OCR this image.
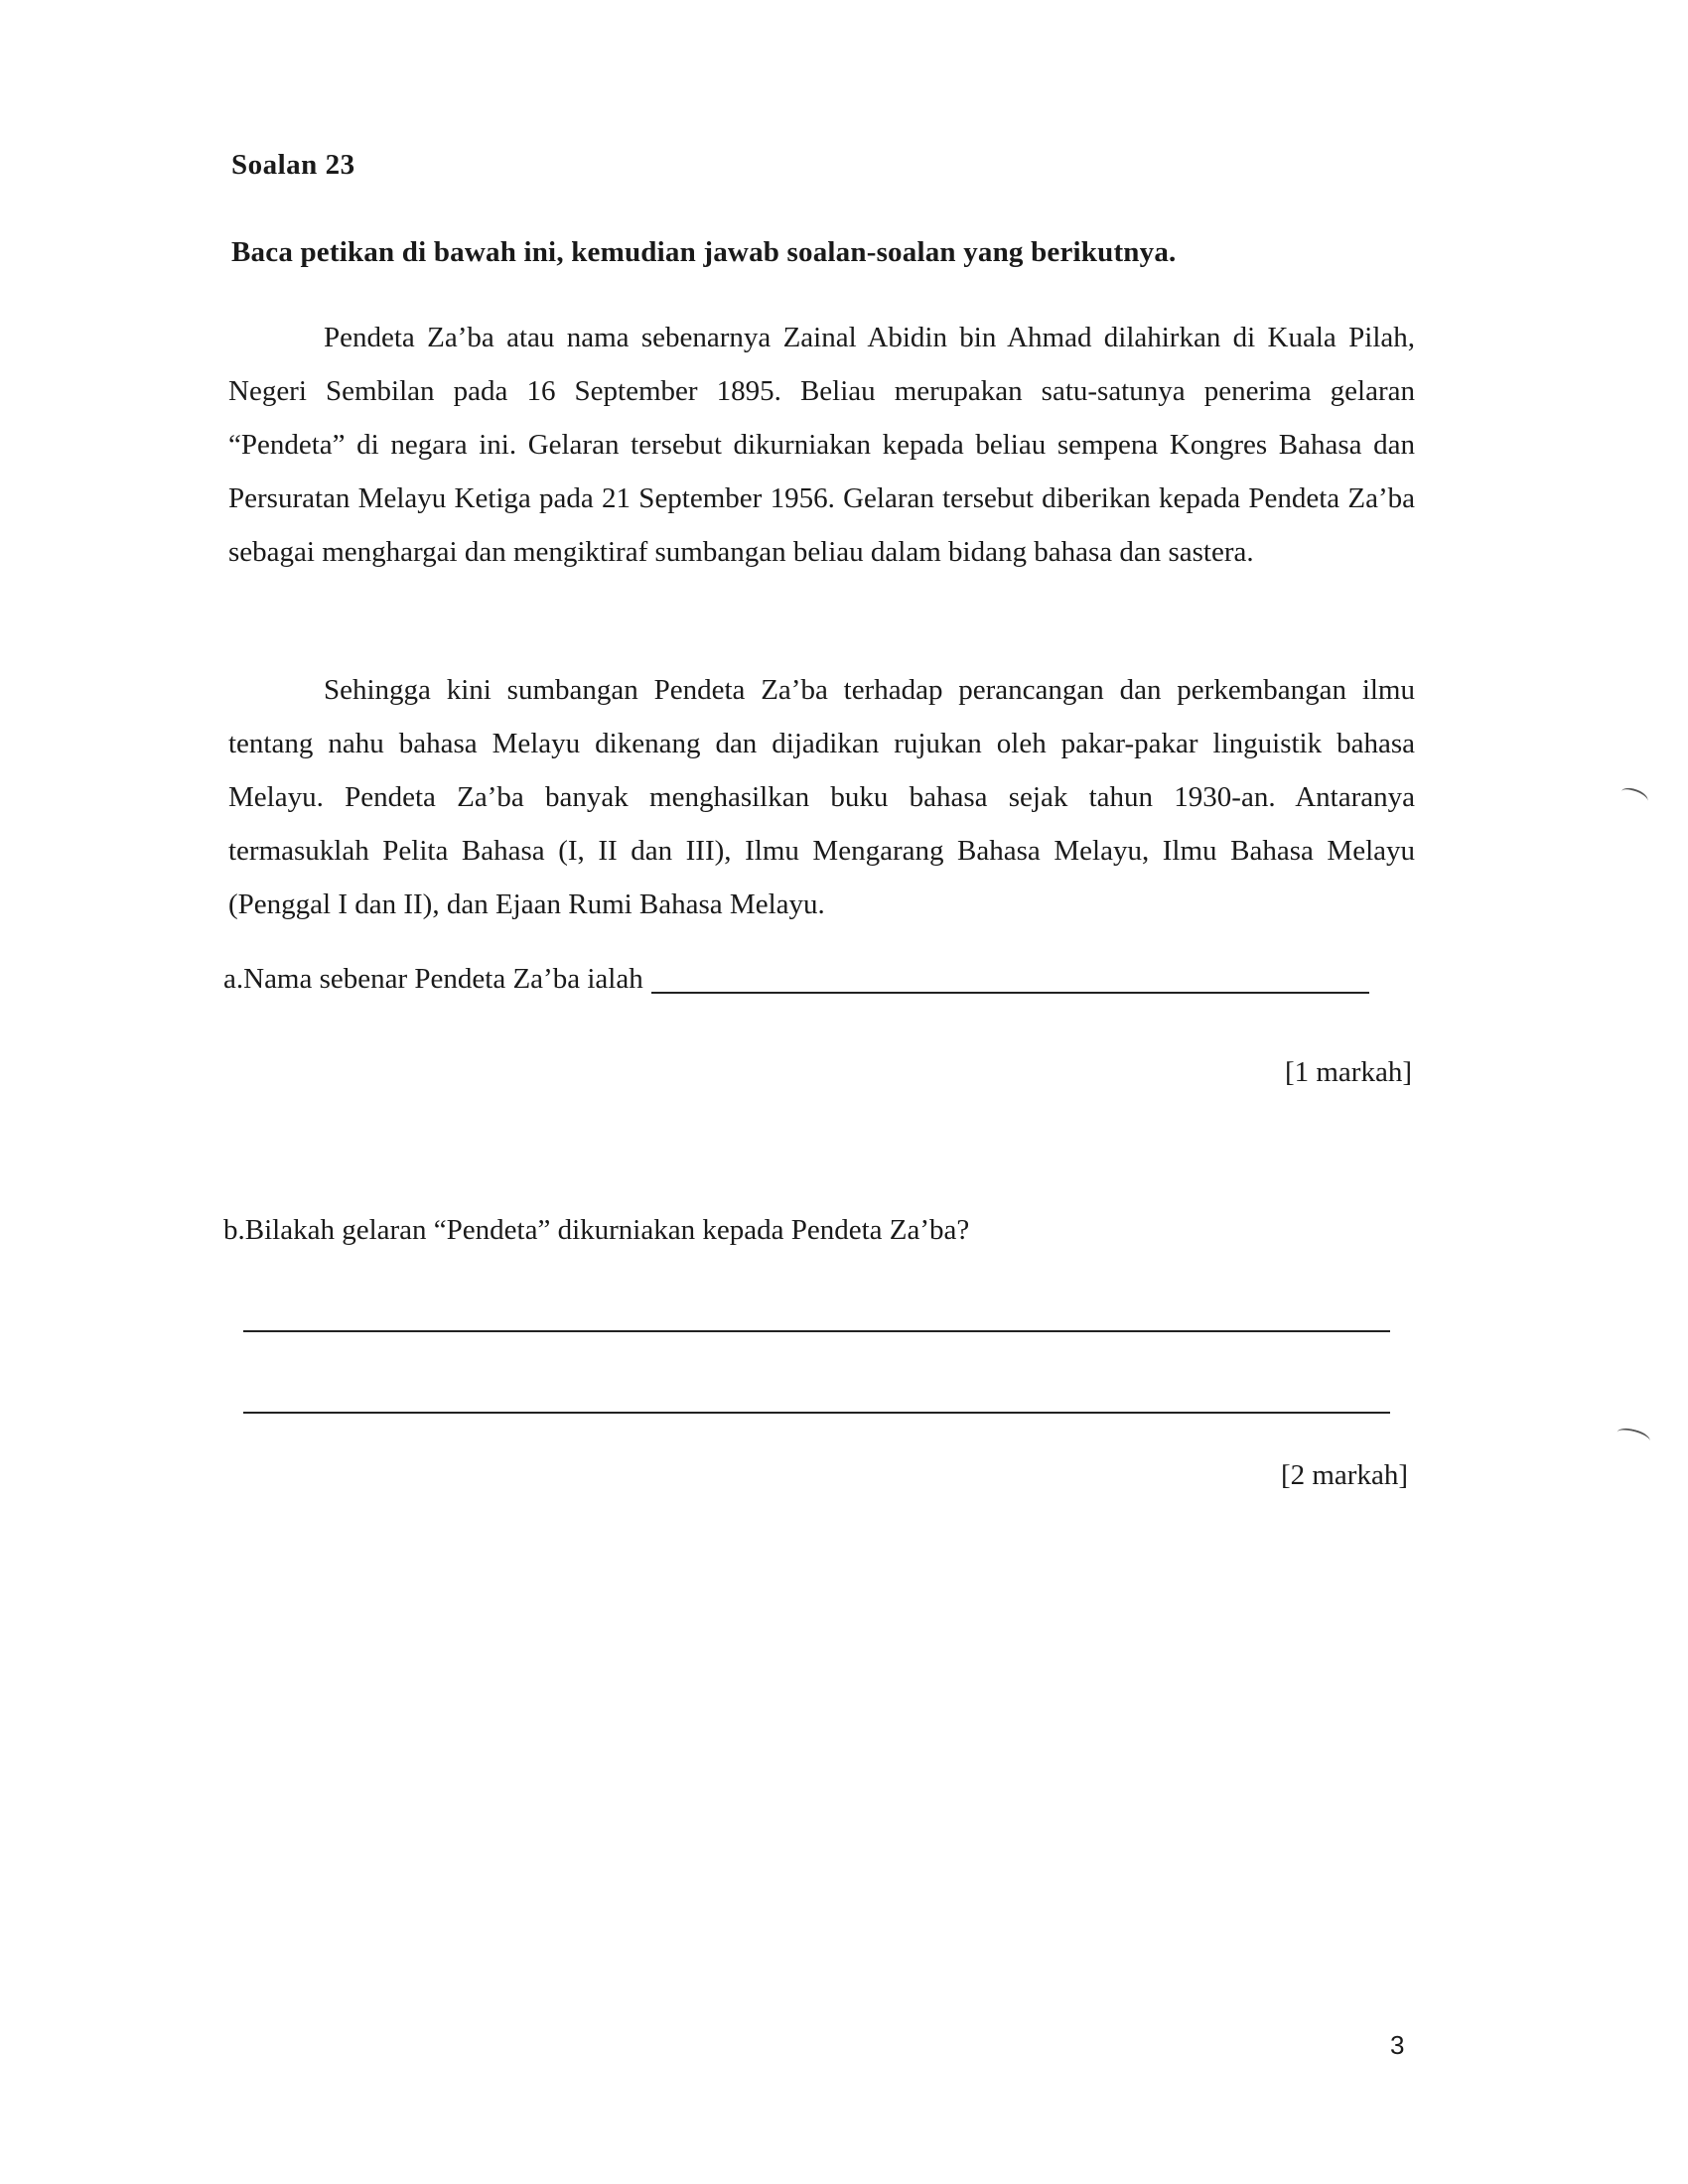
Soalan 23
Baca petikan di bawah ini, kemudian jawab soalan-soalan yang berikutnya.

Pendeta Za’ba atau nama sebenarnya Zainal Abidin bin Ahmad dilahirkan di Kuala Pilah, Negeri Sembilan pada 16 September 1895. Beliau merupakan satu-satunya penerima gelaran “Pendeta” di negara ini. Gelaran tersebut dikurniakan kepada beliau sempena Kongres Bahasa dan Persuratan Melayu Ketiga pada 21 September 1956. Gelaran tersebut diberikan kepada Pendeta Za’ba sebagai menghargai dan mengiktiraf sumbangan beliau dalam bidang bahasa dan sastera.

Sehingga kini sumbangan Pendeta Za’ba terhadap perancangan dan perkembangan ilmu tentang nahu bahasa Melayu dikenang dan dijadikan rujukan oleh pakar-pakar linguistik bahasa Melayu. Pendeta Za’ba banyak menghasilkan buku bahasa sejak tahun 1930-an. Antaranya termasuklah Pelita Bahasa (I, II dan III), Ilmu Mengarang Bahasa Melayu, Ilmu Bahasa Melayu (Penggal I dan II), dan Ejaan Rumi Bahasa Melayu.

a.Nama sebenar Pendeta Za’ba ialah
[1 markah]
b.Bilakah gelaran “Pendeta” dikurniakan kepada Pendeta Za’ba?
[2 markah]
3
